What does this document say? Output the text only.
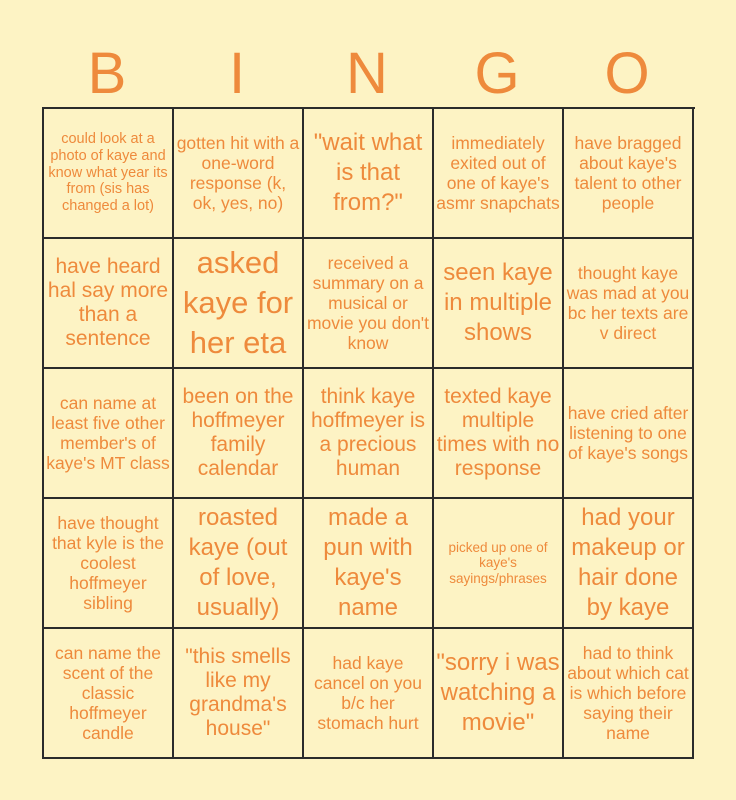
B	I	N	G	O
could look at a photo of kaye and know what year its from (sis has changed a lot)
gotten hit with a one-word response (k, ok, yes, no)
"wait what is that from?"
immediately exited out of one of kaye's asmr snapchats
have bragged about kaye's talent to other people
have heard hal say more than a sentence
asked kaye for her eta
received a summary on a musical or movie you don't know
seen kaye in multiple shows
thought kaye was mad at you bc her texts are v direct
can name at least five other member's of kaye's MT class
been on the hoffmeyer family calendar
think kaye hoffmeyer is a precious human
texted kaye multiple times with no response
have cried after listening to one of kaye's songs
have thought that kyle is the coolest hoffmeyer sibling
roasted kaye (out of love, usually)
made a pun with kaye's name
picked up one of kaye's sayings/phrases
had your makeup or hair done by kaye
can name the scent of the classic hoffmeyer candle
"this smells like my grandma's house"
had kaye cancel on you b/c her stomach hurt
"sorry i was watching a movie"
had to think about which cat is which before saying their name
